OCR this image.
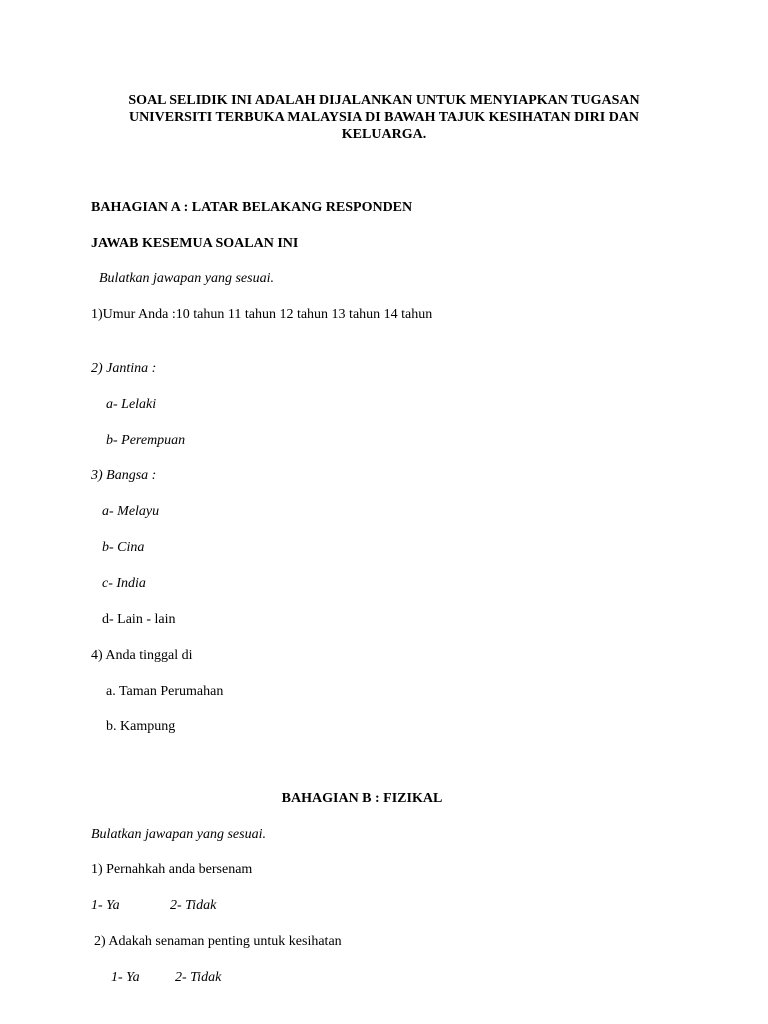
SOAL SELIDIK INI ADALAH DIJALANKAN UNTUK MENYIAPKAN TUGASAN
UNIVERSITI TERBUKA MALAYSIA DI BAWAH TAJUK KESIHATAN DIRI DAN
KELUARGA.
BAHAGIAN A : LATAR BELAKANG RESPONDEN
JAWAB KESEMUA SOALAN INI
Bulatkan jawapan yang sesuai.
1)Umur Anda :10 tahun 11 tahun 12 tahun 13 tahun 14 tahun
2) Jantina :
a- Lelaki
b- Perempuan
3) Bangsa :
a- Melayu
b- Cina
c- India
d- Lain - lain
4) Anda tinggal di
a. Taman Perumahan
b. Kampung
BAHAGIAN B : FIZIKAL
Bulatkan jawapan yang sesuai.
1) Pernahkah anda bersenam
1- Ya	2- Tidak
2) Adakah senaman penting untuk kesihatan
1- Ya	2- Tidak
